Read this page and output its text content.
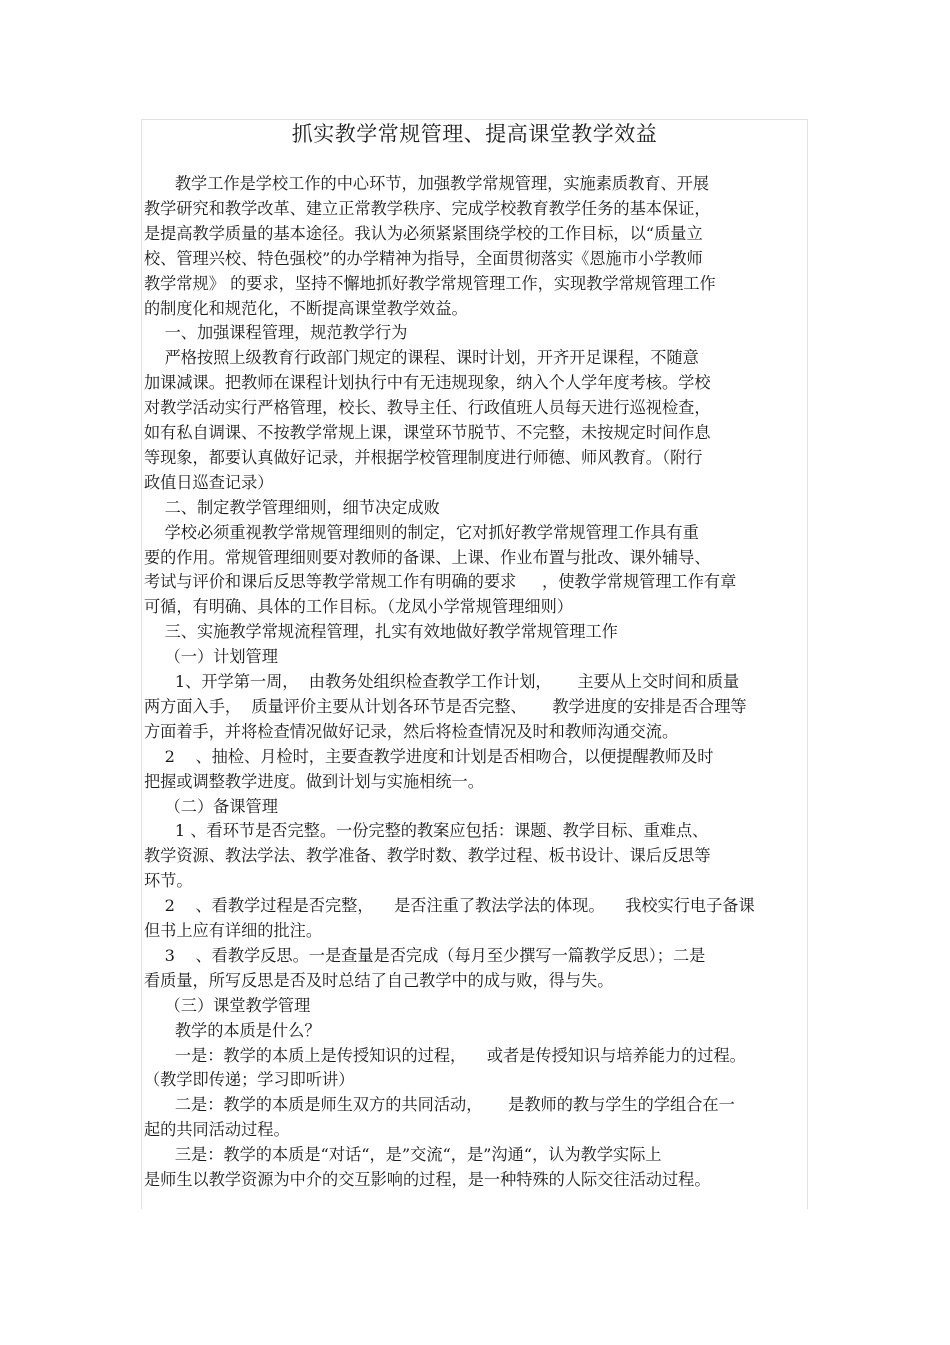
抓实教学常规管理、提高课堂教学效益
教学工作是学校工作的中心环节，加强教学常规管理，实施素质教育、开展
教学研究和教学改革、建立正常教学秩序、完成学校教育教学任务的基本保证，
是提高教学质量的基本途径。我认为必须紧紧围绕学校的工作目标，以“质量立
校、管理兴校、特色强校”的办学精神为指导，全面贯彻落实《恩施市小学教师
教学常规》 的要求，坚持不懈地抓好教学常规管理工作，实现教学常规管理工作
的制度化和规范化，不断提高课堂教学效益。
一、加强课程管理，规范教学行为
严格按照上级教育行政部门规定的课程、课时计划，开齐开足课程，不随意
加课减课。把教师在课程计划执行中有无违规现象，纳入个人学年度考核。学校
对教学活动实行严格管理，校长、教导主任、行政值班人员每天进行巡视检查，
如有私自调课、不按教学常规上课，课堂环节脱节、不完整，未按规定时间作息
等现象，都要认真做好记录，并根据学校管理制度进行师德、师风教育。（附行
政值日巡查记录）
二、制定教学管理细则，细节决定成败
学校必须重视教学常规管理细则的制定，它对抓好教学常规管理工作具有重
要的作用。常规管理细则要对教师的备课、上课、作业布置与批改、课外辅导、
考试与评价和课后反思等教学常规工作有明确的要求     ，使教学常规管理工作有章
可循，有明确、具体的工作目标。（龙凤小学常规管理细则）
三、实施教学常规流程管理，扎实有效地做好教学常规管理工作
（一）计划管理
1、开学第一周，  由教务处组织检查教学工作计划，     主要从上交时间和质量
两方面入手，  质量评价主要从计划各环节是否完整、     教学进度的安排是否合理等
方面着手，并将检查情况做好记录，然后将检查情况及时和教师沟通交流。
2    、抽检、月检时，主要查教学进度和计划是否相吻合，以便提醒教师及时
把握或调整教学进度。做到计划与实施相统一。
（二）备课管理
1 、看环节是否完整。一份完整的教案应包括：课题、教学目标、重难点、
教学资源、教法学法、教学准备、教学时数、教学过程、板书设计、课后反思等
环节。
2    、看教学过程是否完整，    是否注重了教法学法的体现。    我校实行电子备课
但书上应有详细的批注。
3    、看教学反思。一是查量是否完成（每月至少撰写一篇教学反思）；二是
看质量，所写反思是否及时总结了自己教学中的成与败，得与失。
（三）课堂教学管理
教学的本质是什么？
一是：教学的本质上是传授知识的过程，    或者是传授知识与培养能力的过程。
（教学即传递；学习即听讲）
二是：教学的本质是师生双方的共同活动，     是教师的教与学生的学组合在一
起的共同活动过程。
三是：教学的本质是“对话“，是”交流“，是”沟通“，认为教学实际上
是师生以教学资源为中介的交互影响的过程，是一种特殊的人际交往活动过程。
